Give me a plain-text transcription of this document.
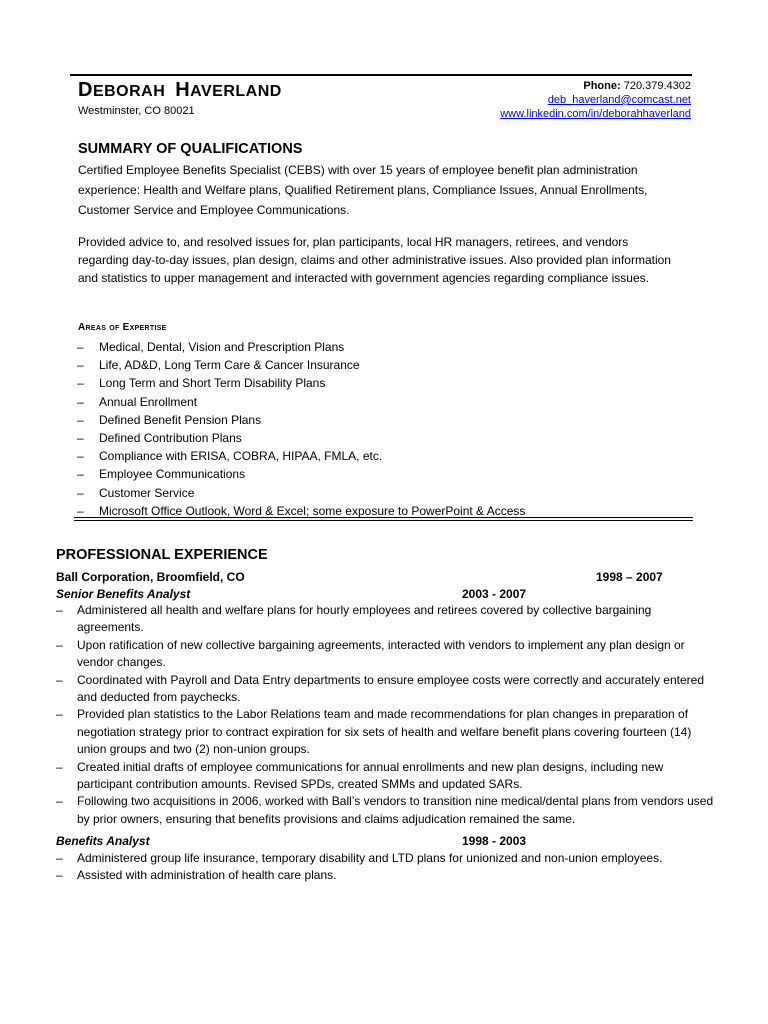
DEBORAH HAVERLAND
Westminster, CO 80021
Phone: 720.379.4302
deb_haverland@comcast.net
www.linkedin.com/in/deborahhaverland
SUMMARY OF QUALIFICATIONS
Certified Employee Benefits Specialist (CEBS) with over 15 years of employee benefit plan administration experience: Health and Welfare plans, Qualified Retirement plans, Compliance Issues, Annual Enrollments, Customer Service and Employee Communications.
Provided advice to, and resolved issues for, plan participants, local HR managers, retirees, and vendors regarding day-to-day issues, plan design, claims and other administrative issues. Also provided plan information and statistics to upper management and interacted with government agencies regarding compliance issues.
Areas of Expertise
– Medical, Dental, Vision and Prescription Plans
– Life, AD&D, Long Term Care & Cancer Insurance
– Long Term and Short Term Disability Plans
– Annual Enrollment
– Defined Benefit Pension Plans
– Defined Contribution Plans
– Compliance with ERISA, COBRA, HIPAA, FMLA, etc.
– Employee Communications
– Customer Service
– Microsoft Office Outlook, Word & Excel; some exposure to PowerPoint & Access
PROFESSIONAL EXPERIENCE
Ball Corporation, Broomfield, CO	1998 – 2007
Senior Benefits Analyst	2003 - 2007
– Administered all health and welfare plans for hourly employees and retirees covered by collective bargaining agreements.
– Upon ratification of new collective bargaining agreements, interacted with vendors to implement any plan design or vendor changes.
– Coordinated with Payroll and Data Entry departments to ensure employee costs were correctly and accurately entered and deducted from paychecks.
– Provided plan statistics to the Labor Relations team and made recommendations for plan changes in preparation of negotiation strategy prior to contract expiration for six sets of health and welfare benefit plans covering fourteen (14) union groups and two (2) non-union groups.
– Created initial drafts of employee communications for annual enrollments and new plan designs, including new participant contribution amounts. Revised SPDs, created SMMs and updated SARs.
– Following two acquisitions in 2006, worked with Ball’s vendors to transition nine medical/dental plans from vendors used by prior owners, ensuring that benefits provisions and claims adjudication remained the same.
Benefits Analyst	1998 - 2003
– Administered group life insurance, temporary disability and LTD plans for unionized and non-union employees.
– Assisted with administration of health care plans.
